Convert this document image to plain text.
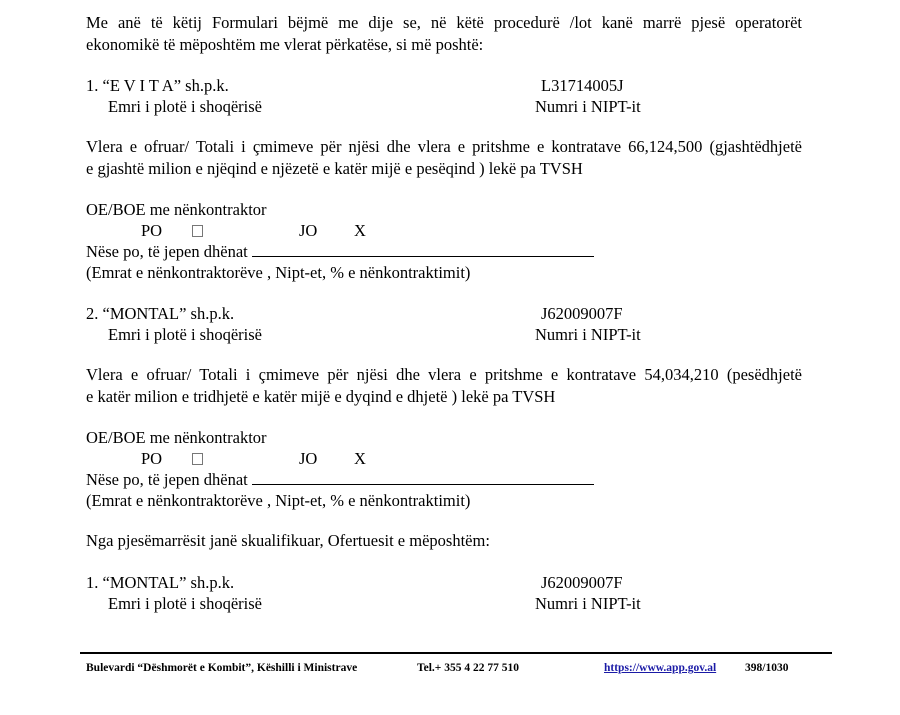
Me anë të këtij Formulari bëjmë me dije se, në këtë procedurë /lot kanë marrë pjesë operatorët
ekonomikë të mëposhtëm me vlerat përkatëse, si më poshtë:
1. “E V I T A” sh.p.k.	L31714005J
Emri i plotë i shoqërisë	Numri i NIPT-it
Vlera e ofruar/ Totali i çmimeve për njësi dhe vlera e pritshme e kontratave 66,124,500 (gjashtëdhjetë
e gjashtë milion e njëqind e njëzetë e katër mijë e pesëqind ) lekë pa TVSH
OE/BOE me nënkontraktor
PO	JO X
Nëse po, të jepen dhënat
(Emrat e nënkontraktorëve , Nipt-et, % e nënkontraktimit)
2. “MONTAL” sh.p.k.	J62009007F
Emri i plotë i shoqërisë	Numri i NIPT-it
Vlera e ofruar/ Totali i çmimeve për njësi dhe vlera e pritshme e kontratave 54,034,210 (pesëdhjetë
e katër milion e tridhjetë e katër mijë e dyqind e dhjetë ) lekë pa TVSH
OE/BOE me nënkontraktor
PO	JO X
Nëse po, të jepen dhënat
(Emrat e nënkontraktorëve , Nipt-et, % e nënkontraktimit)
Nga pjesëmarrësit janë skualifikuar, Ofertuesit e mëposhtëm:
1. “MONTAL” sh.p.k.	J62009007F
Emri i plotë i shoqërisë	Numri i NIPT-it
Bulevardi “Dëshmorët e Kombit”, Këshilli i Ministrave	Tel.+ 355 4 22 77 510	https://www.app.gov.al	398/1030
